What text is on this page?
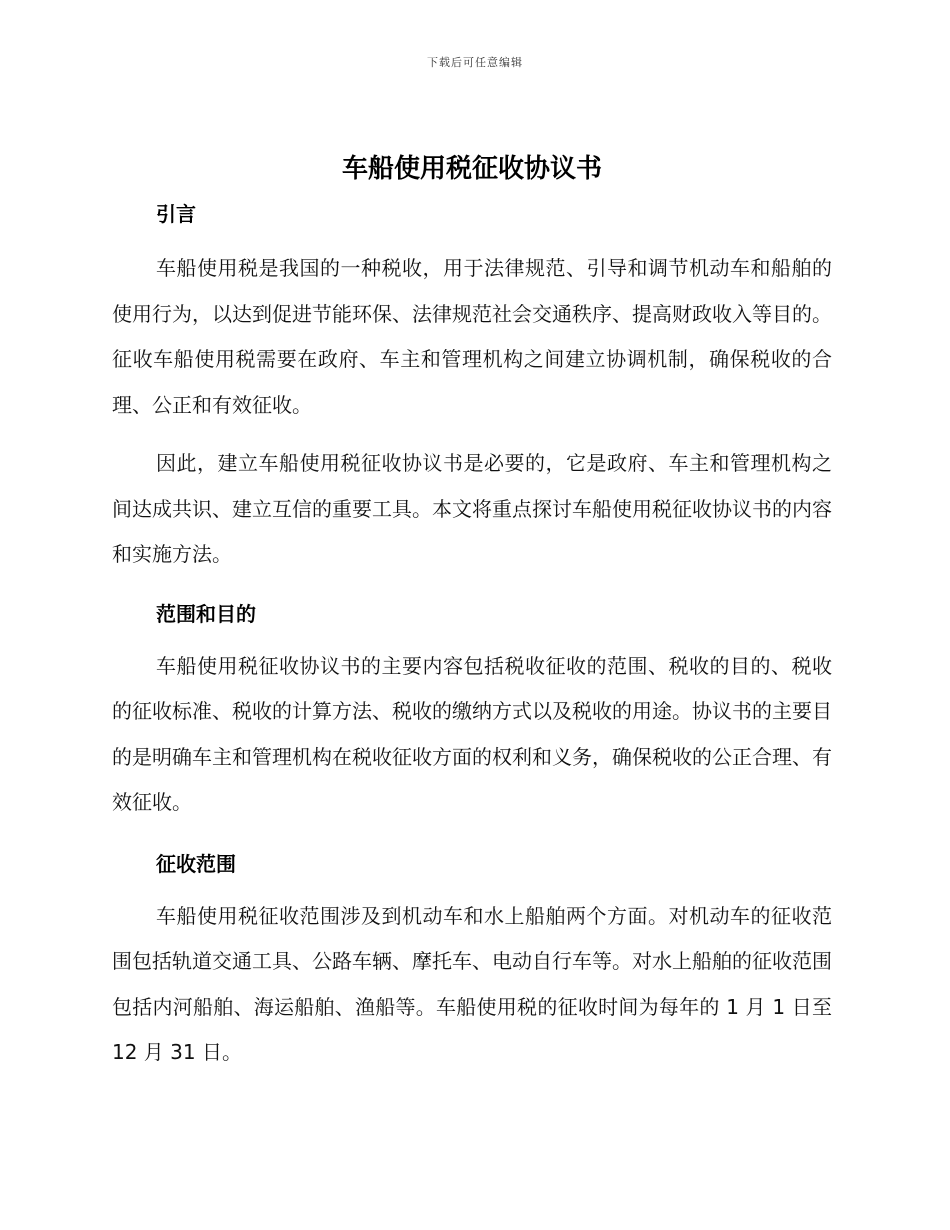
下载后可任意编辑
车船使用税征收协议书
引言

车船使用税是我国的一种税收，用于法律规范、引导和调节机动车和船舶的使用行为，以达到促进节能环保、法律规范社会交通秩序、提高财政收入等目的。征收车船使用税需要在政府、车主和管理机构之间建立协调机制，确保税收的合理、公正和有效征收。

因此，建立车船使用税征收协议书是必要的，它是政府、车主和管理机构之间达成共识、建立互信的重要工具。本文将重点探讨车船使用税征收协议书的内容和实施方法。

范围和目的

车船使用税征收协议书的主要内容包括税收征收的范围、税收的目的、税收的征收标准、税收的计算方法、税收的缴纳方式以及税收的用途。协议书的主要目的是明确车主和管理机构在税收征收方面的权利和义务，确保税收的公正合理、有效征收。

征收范围

车船使用税征收范围涉及到机动车和水上船舶两个方面。对机动车的征收范围包括轨道交通工具、公路车辆、摩托车、电动自行车等。对水上船舶的征收范围包括内河船舶、海运船舶、渔船等。车船使用税的征收时间为每年的 1 月 1 日至 12 月 31 日。
